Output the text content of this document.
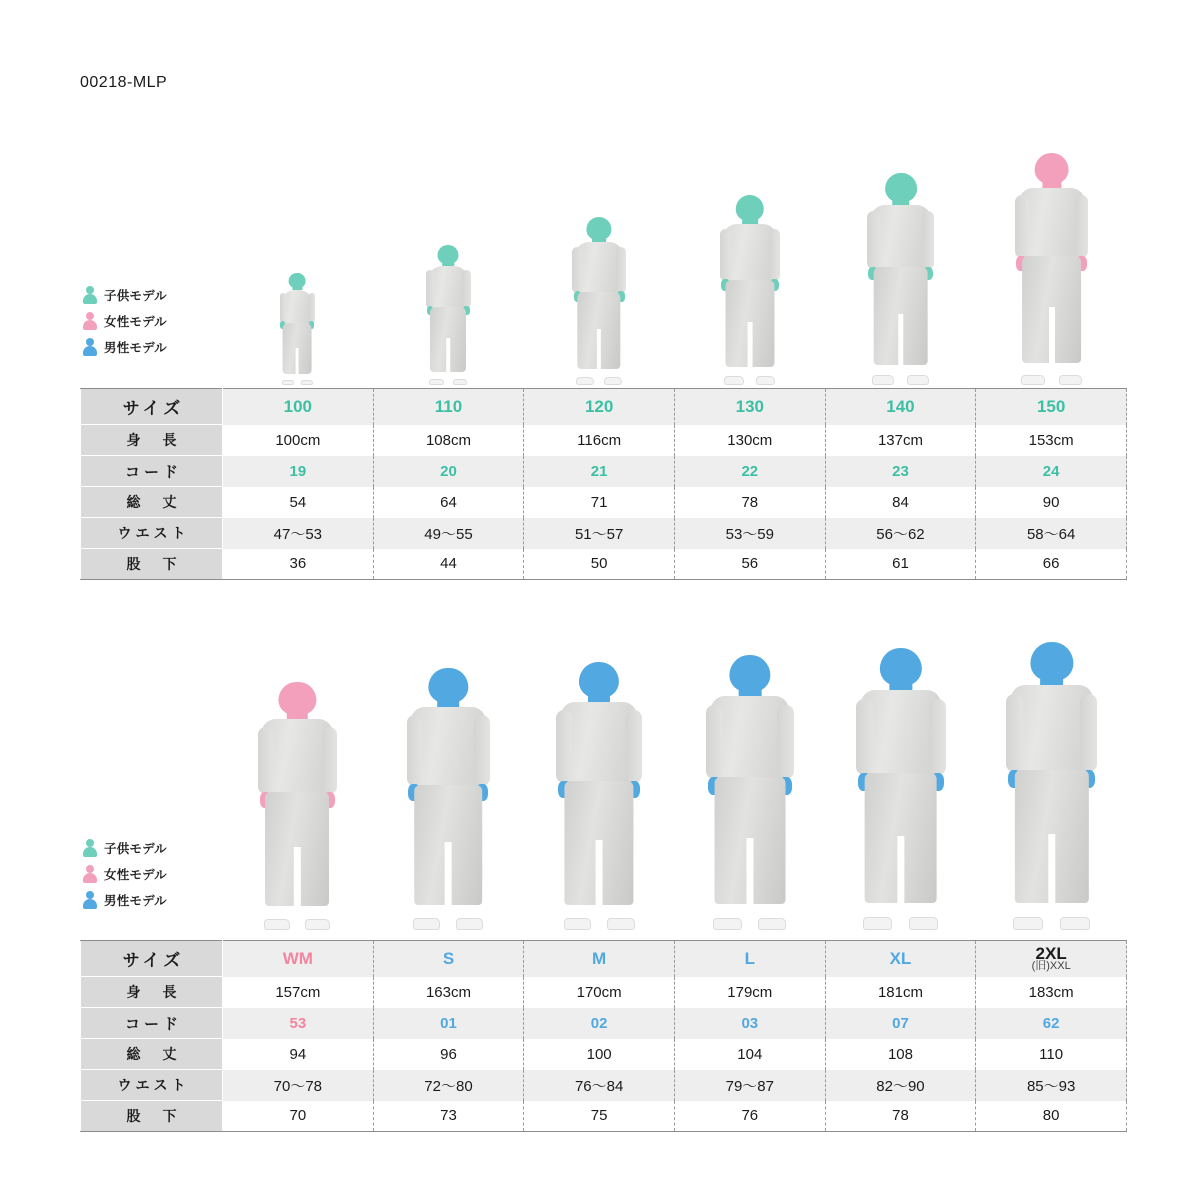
00218-MLP
子供モデル
女性モデル
男性モデル
サイズ	100	110	120	130	140	150
身　長	100cm	108cm	116cm	130cm	137cm	153cm
コード	19	20	21	22	23	24
総　丈	54	64	71	78	84	90
ウエスト	47〜53	49〜55	51〜57	53〜59	56〜62	58〜64
股　下	36	44	50	56	61	66
子供モデル
女性モデル
男性モデル
サイズ	WM	S	M	L	XL	2XL
(旧)XXL

身　長	157cm	163cm	170cm	179cm	181cm	183cm
コード	53	01	02	03	07	62
総　丈	94	96	100	104	108	110
ウエスト	70〜78	72〜80	76〜84	79〜87	82〜90	85〜93
股　下	70	73	75	76	78	80
